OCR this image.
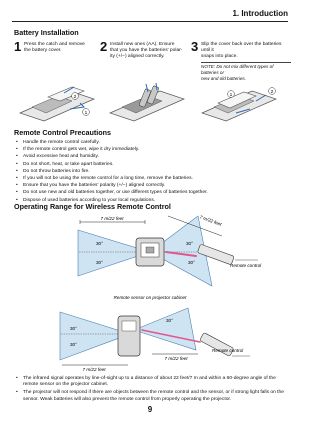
1. Introduction
Battery Installation
1 Press the catch and remove
the battery cover.	2 Install new ones (AA). Ensure
that you have the batteries' polar-
ity (+/−) aligned correctly.
3 Slip the cover back over the batteries until it
snaps into place.
NOTE: Do not mix different types of batteries or
new and old batteries.
2
1
1
2
Remote Control Precautions
• Handle the remote control carefully.
• If the remote control gets wet, wipe it dry immediately.
• Avoid excessive heat and humidity.
• Do not short, heat, or take apart batteries.
• Do not throw batteries into fire.
• If you will not be using the remote control for a long time, remove the batteries.
• Ensure that you have the batteries' polarity (+/−) aligned correctly.
• Do not use new and old batteries together, or use different types of batteries together.
• Dispose of used batteries according to your local regulations.
Operating Range for Wireless Remote Control
7 m/22 feet	7 m/22 feet
30°
30°
30°
30°
Remote control
Remote sensor on projector cabinet
30°
30°
30°
7 m/22 feet
7 m/22 feet
Remote control
• The infrared signal operates by line-of-sight up to a distance of about 22 feet/7 m and within a 60-degree angle of the remote sensor on the projector cabinet.
• The projector will not respond if there are objects between the remote control and the sensor, or if strong light falls on the sensor. Weak batteries will also prevent the remote control from properly operating the projector.
9
